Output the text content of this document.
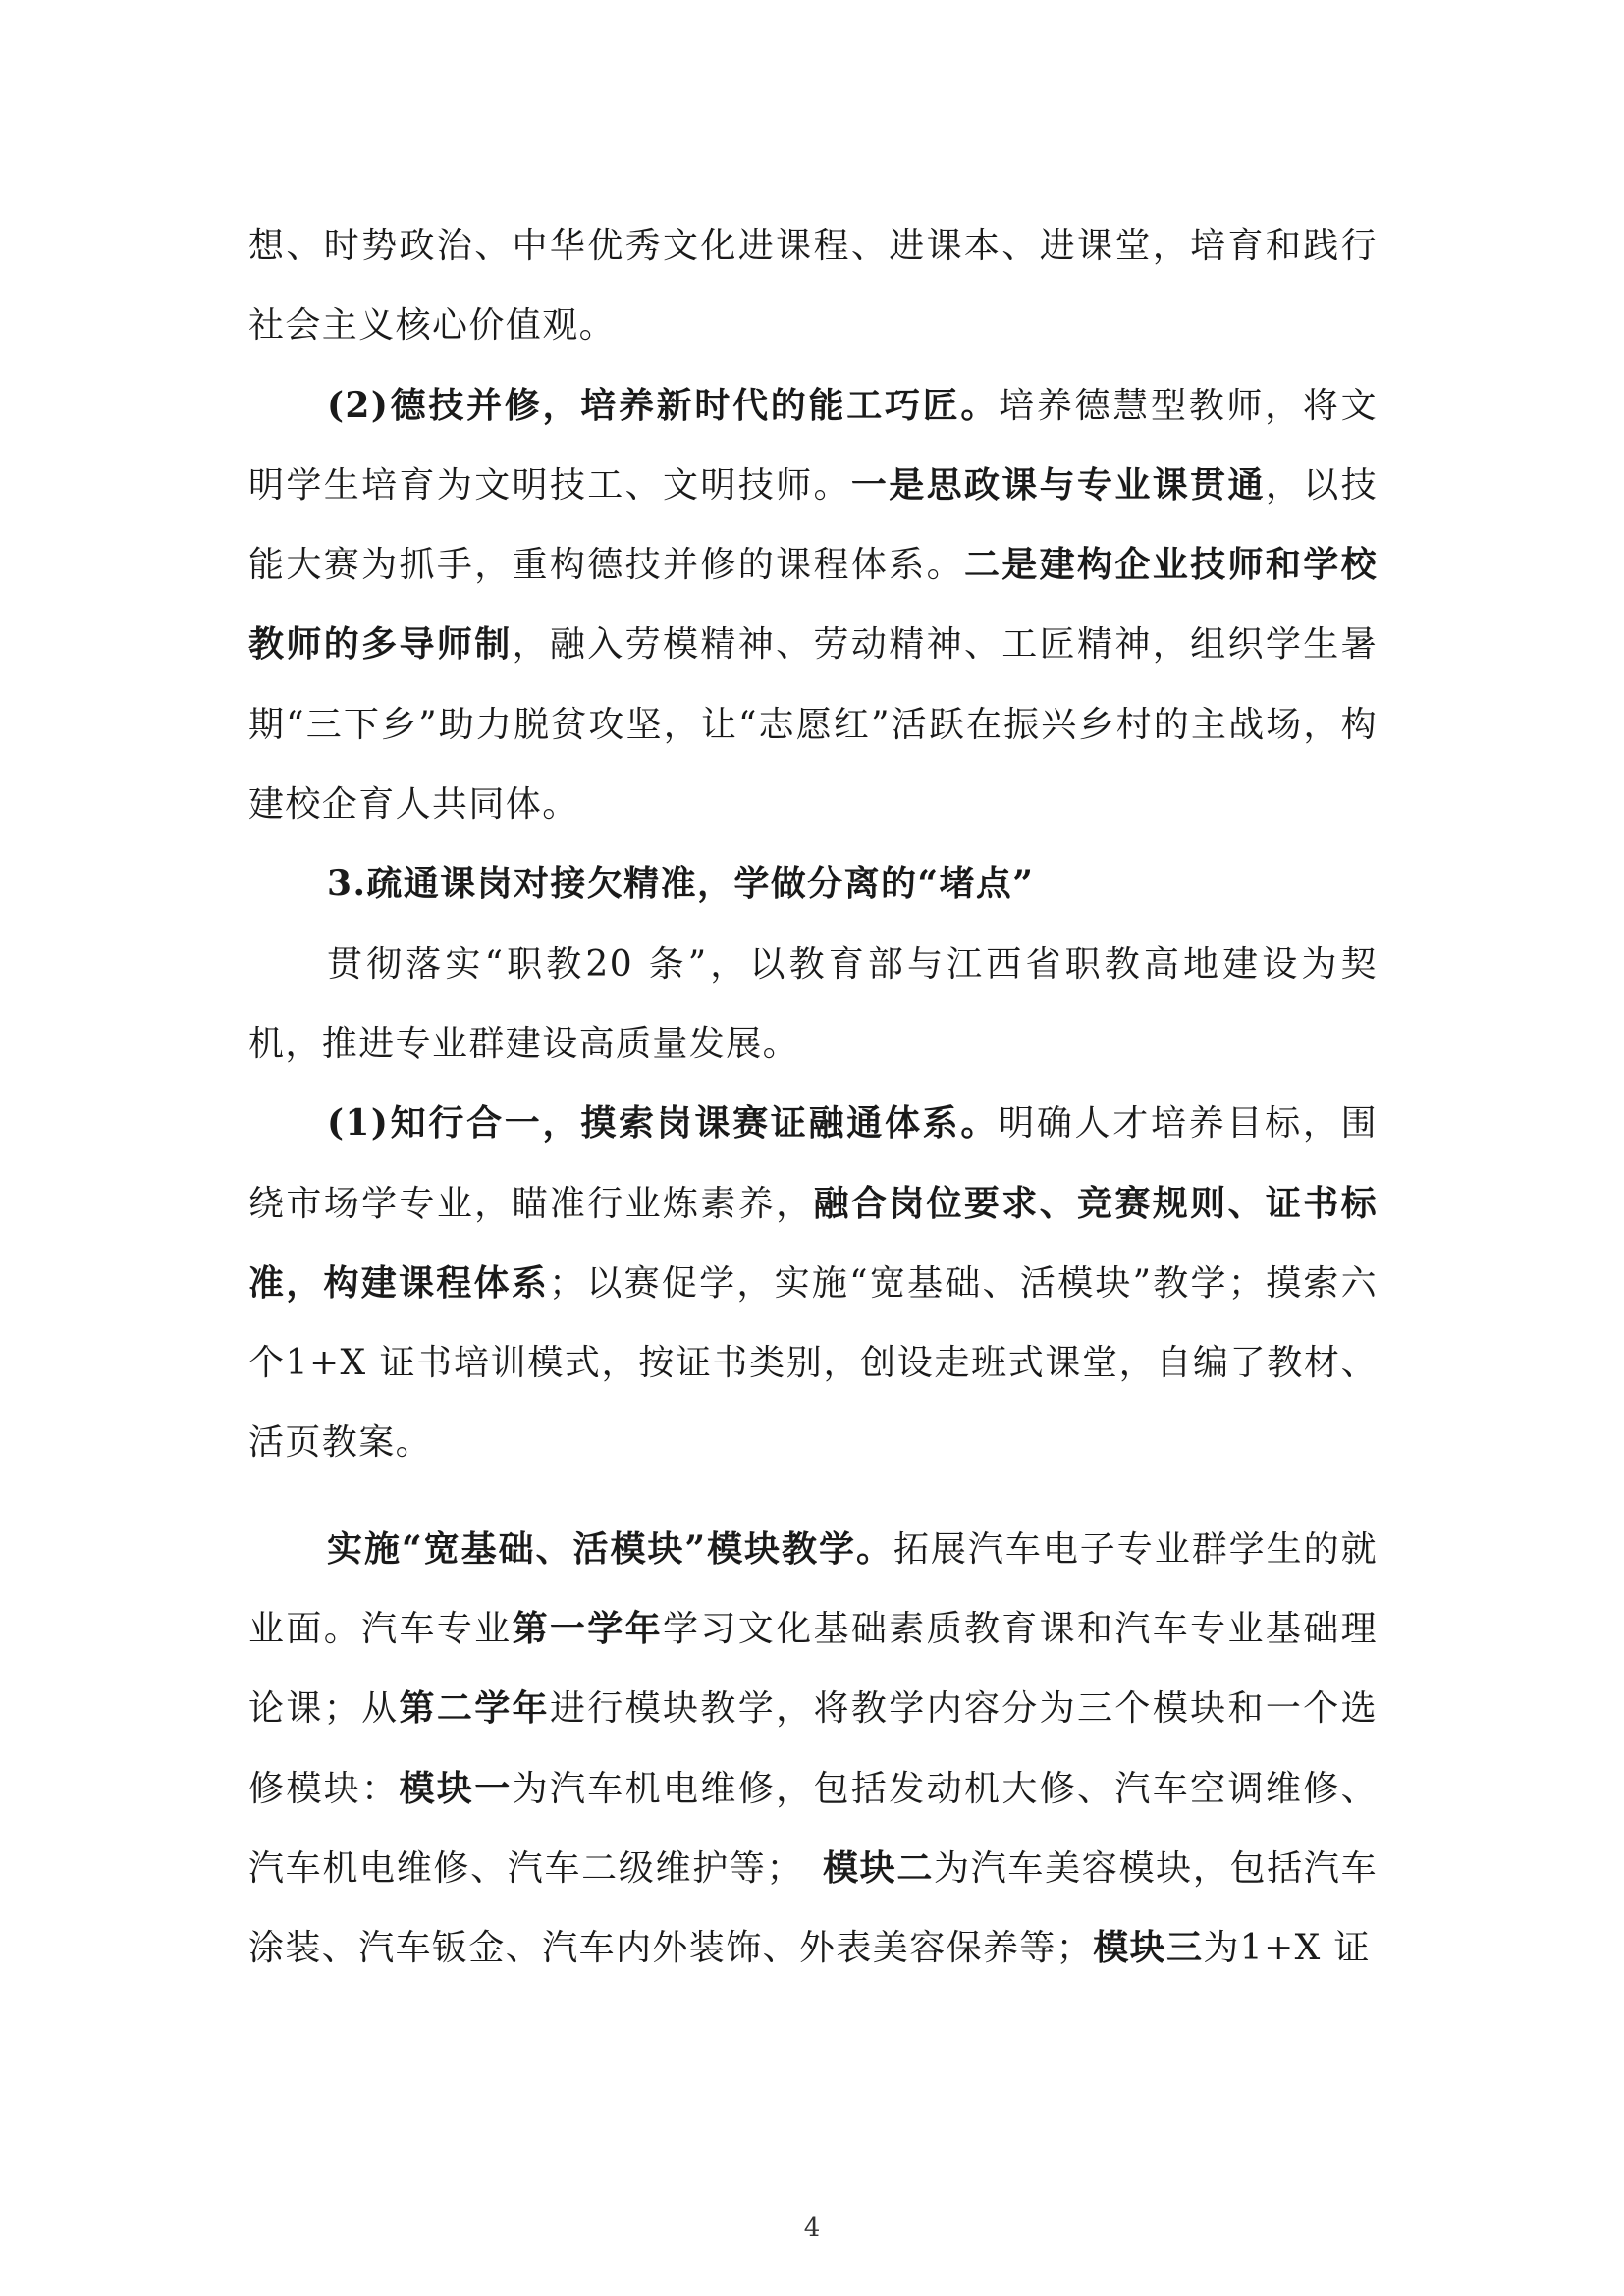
想、时势政治、中华优秀文化进课程、进课本、进课堂，培育和践行社会主义核心价值观。

(2)德技并修，培养新时代的能工巧匠。培养德慧型教师，将文明学生培育为文明技工、文明技师。一是思政课与专业课贯通，以技能大赛为抓手，重构德技并修的课程体系。二是建构企业技师和学校教师的多导师制，融入劳模精神、劳动精神、工匠精神，组织学生暑期“三下乡”助力脱贫攻坚，让“志愿红”活跃在振兴乡村的主战场，构建校企育人共同体。

3.疏通课岗对接欠精准，学做分离的“堵点”

贯彻落实“职教20 条”，以教育部与江西省职教高地建设为契机，推进专业群建设高质量发展。

(1)知行合一，摸索岗课赛证融通体系。明确人才培养目标，围绕市场学专业，瞄准行业炼素养，融合岗位要求、竞赛规则、证书标准，构建课程体系；以赛促学，实施“宽基础、活模块”教学；摸索六个1+X 证书培训模式，按证书类别，创设走班式课堂，自编了教材、活页教案。

实施“宽基础、活模块”模块教学。拓展汽车电子专业群学生的就业面。汽车专业第一学年学习文化基础素质教育课和汽车专业基础理论课；从第二学年进行模块教学，将教学内容分为三个模块和一个选修模块：模块一为汽车机电维修，包括发动机大修、汽车空调维修、汽车机电维修、汽车二级维护等；　模块二为汽车美容模块，包括汽车涂装、汽车钣金、汽车内外装饰、外表美容保养等；模块三为1+X 证

4
